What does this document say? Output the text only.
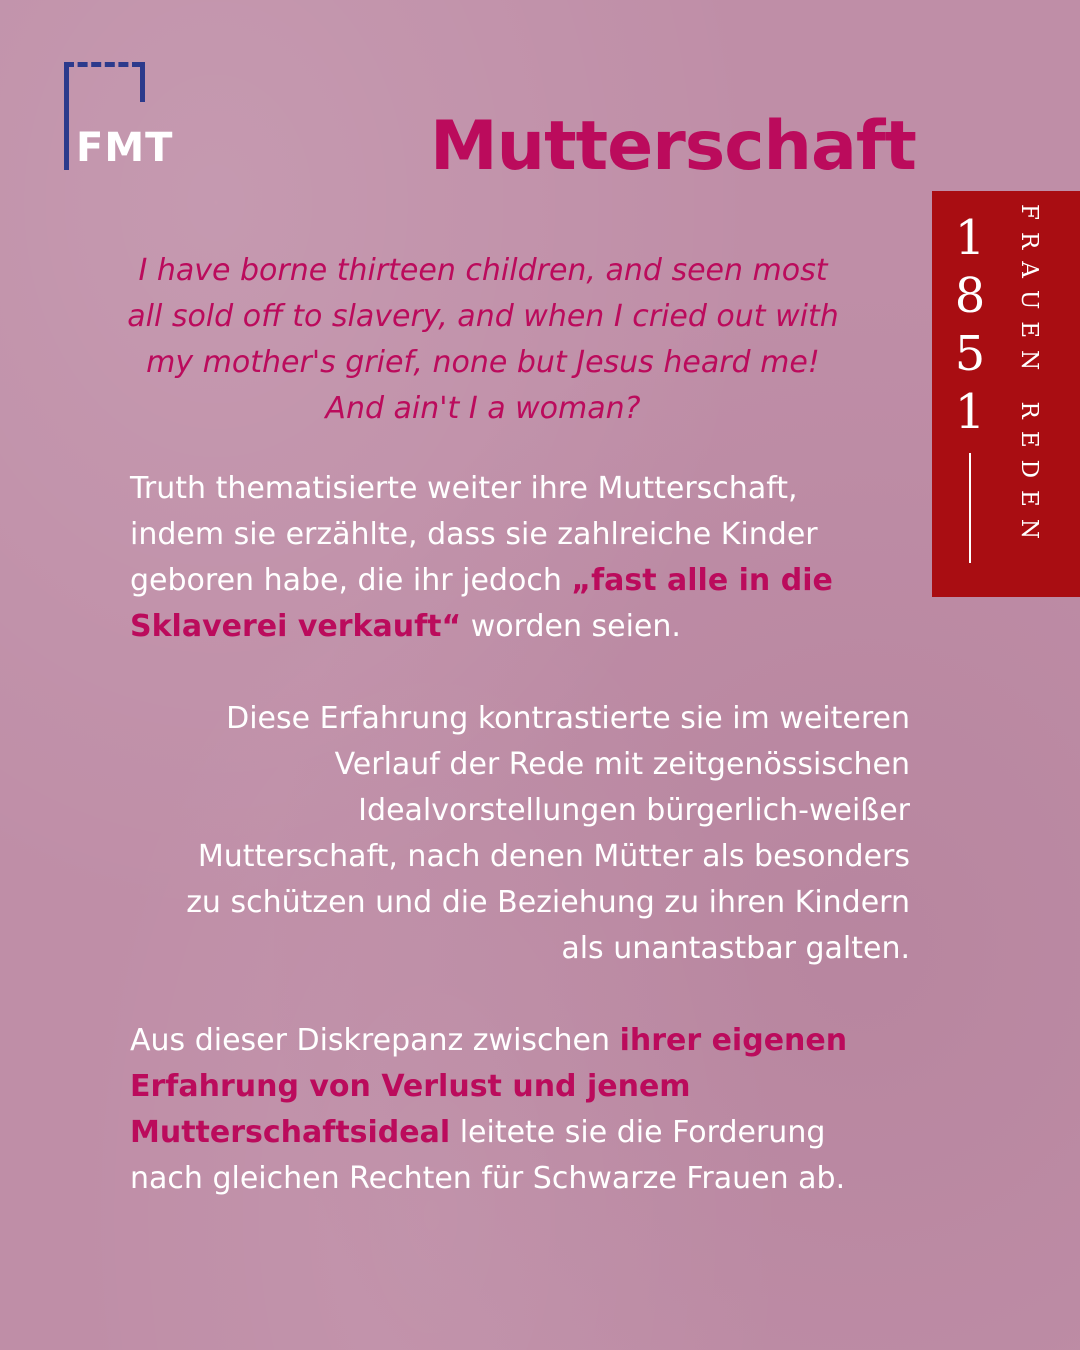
FMT	Mutterschaft
1
8
5
1 FRAUEN REDEN

I have borne thirteen children, and seen most
all sold off to slavery, and when I cried out with
my mother's grief, none but Jesus heard me!
And ain't I a woman?

Truth thematisierte weiter ihre Mutterschaft, indem sie erzählte, dass sie zahlreiche Kinder geboren habe, die ihr jedoch „fast alle in die Sklaverei verkauft“ worden seien.

Diese Erfahrung kontrastierte sie im weiteren
Verlauf der Rede mit zeitgenössischen
Idealvorstellungen bürgerlich-weißer
Mutterschaft, nach denen Mütter als besonders
zu schützen und die Beziehung zu ihren Kindern
als unantastbar galten.

Aus dieser Diskrepanz zwischen ihrer eigenen Erfahrung von Verlust und jenem Mutterschaftsideal leitete sie die Forderung nach gleichen Rechten für Schwarze Frauen ab.
